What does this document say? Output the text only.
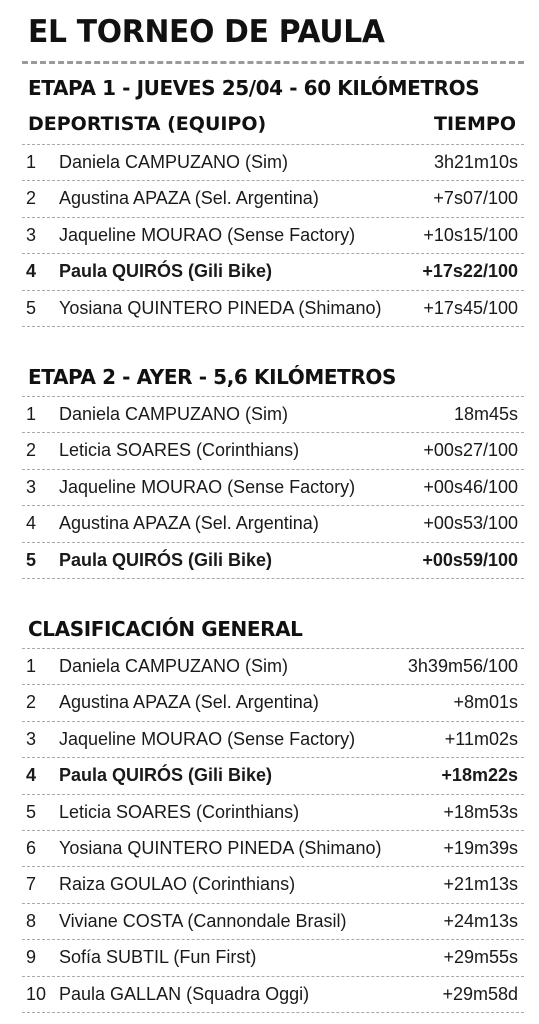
EL TORNEO DE PAULA
ETAPA 1 - JUEVES 25/04 - 60 KILÓMETROS
DEPORTISTA (EQUIPO)	TIEMPO
1	Daniela CAMPUZANO (Sim)	3h21m10s
2	Agustina APAZA (Sel. Argentina)	+7s07/100
3	Jaqueline MOURAO (Sense Factory)	+10s15/100
4	Paula QUIRÓS (Gili Bike)	+17s22/100
5	Yosiana QUINTERO PINEDA (Shimano) +17s45/100
ETAPA 2 - AYER - 5,6 KILÓMETROS
1	Daniela CAMPUZANO (Sim)	18m45s
2	Leticia SOARES (Corinthians)	+00s27/100
3	Jaqueline MOURAO (Sense Factory)	+00s46/100
4	Agustina APAZA (Sel. Argentina)	+00s53/100
5	Paula QUIRÓS (Gili Bike)	+00s59/100
CLASIFICACIÓN GENERAL
1	Daniela CAMPUZANO (Sim)	3h39m56/100
2	Agustina APAZA (Sel. Argentina)	+8m01s
3	Jaqueline MOURAO (Sense Factory)	+11m02s
4	Paula QUIRÓS (Gili Bike)	+18m22s
5	Leticia SOARES (Corinthians)	+18m53s
6	Yosiana QUINTERO PINEDA (Shimano)	+19m39s
7	Raiza GOULAO (Corinthians)	+21m13s
8	Viviane COSTA (Cannondale Brasil)	+24m13s
9	Sofía SUBTIL (Fun First)	+29m55s
10 Paula GALLAN (Squadra Oggi)	+29m58d
